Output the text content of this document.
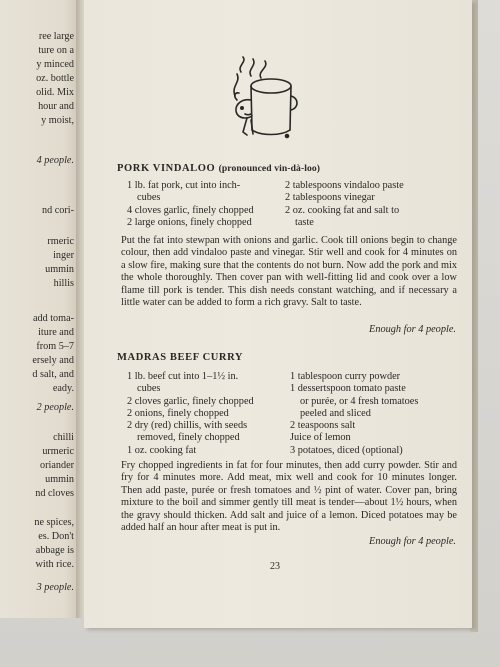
ree large
ture on a
y minced
oz. bottle
olid. Mix
hour and
y moist,
4 people.
nd cori-
rmeric
inger
ummin
hillis
add toma-
iture and
from 5–7
ersely and
d salt, and
eady.
2 people.
chilli
urmeric
oriander
ummin
nd cloves
ne spices,
es. Don't
abbage is
with rice.
3 people.
PORK VINDALOO (pronounced vin-dà-loo)
1 lb. fat pork, cut into inch-
cubes
4 cloves garlic, finely chopped
2 large onions, finely chopped
2 tablespoons vindaloo paste
2 tablespoons vinegar
2 oz. cooking fat and salt to
taste
Put the fat into stewpan with onions and garlic. Cook till onions begin to change colour, then add vindaloo paste and vinegar. Stir well and cook for 4 minutes on a slow fire, making sure that the contents do not burn. Now add the pork and mix the whole thoroughly. Then cover pan with well-fitting lid and cook over a low flame till pork is tender. This dish needs constant watching, and if necessary a little water can be added to form a rich gravy. Salt to taste.
Enough for 4 people.
MADRAS BEEF CURRY
1 lb. beef cut into 1–1½ in.
cubes
2 cloves garlic, finely chopped
2 onions, finely chopped
2 dry (red) chillis, with seeds
removed, finely chopped
1 oz. cooking fat
1 tablespoon curry powder
1 dessertspoon tomato paste
or purée, or 4 fresh tomatoes
peeled and sliced
2 teaspoons salt
Juice of lemon
3 potatoes, diced (optional)
Fry chopped ingredients in fat for four minutes, then add curry powder. Stir and fry for 4 minutes more. Add meat, mix well and cook for 10 minutes longer. Then add paste, purée or fresh tomatoes and ½ pint of water. Cover pan, bring mixture to the boil and simmer gently till meat is tender—about 1½ hours, when the gravy should thicken. Add salt and juice of a lemon. Diced potatoes may be added half an hour after meat is put in.
Enough for 4 people.
23
